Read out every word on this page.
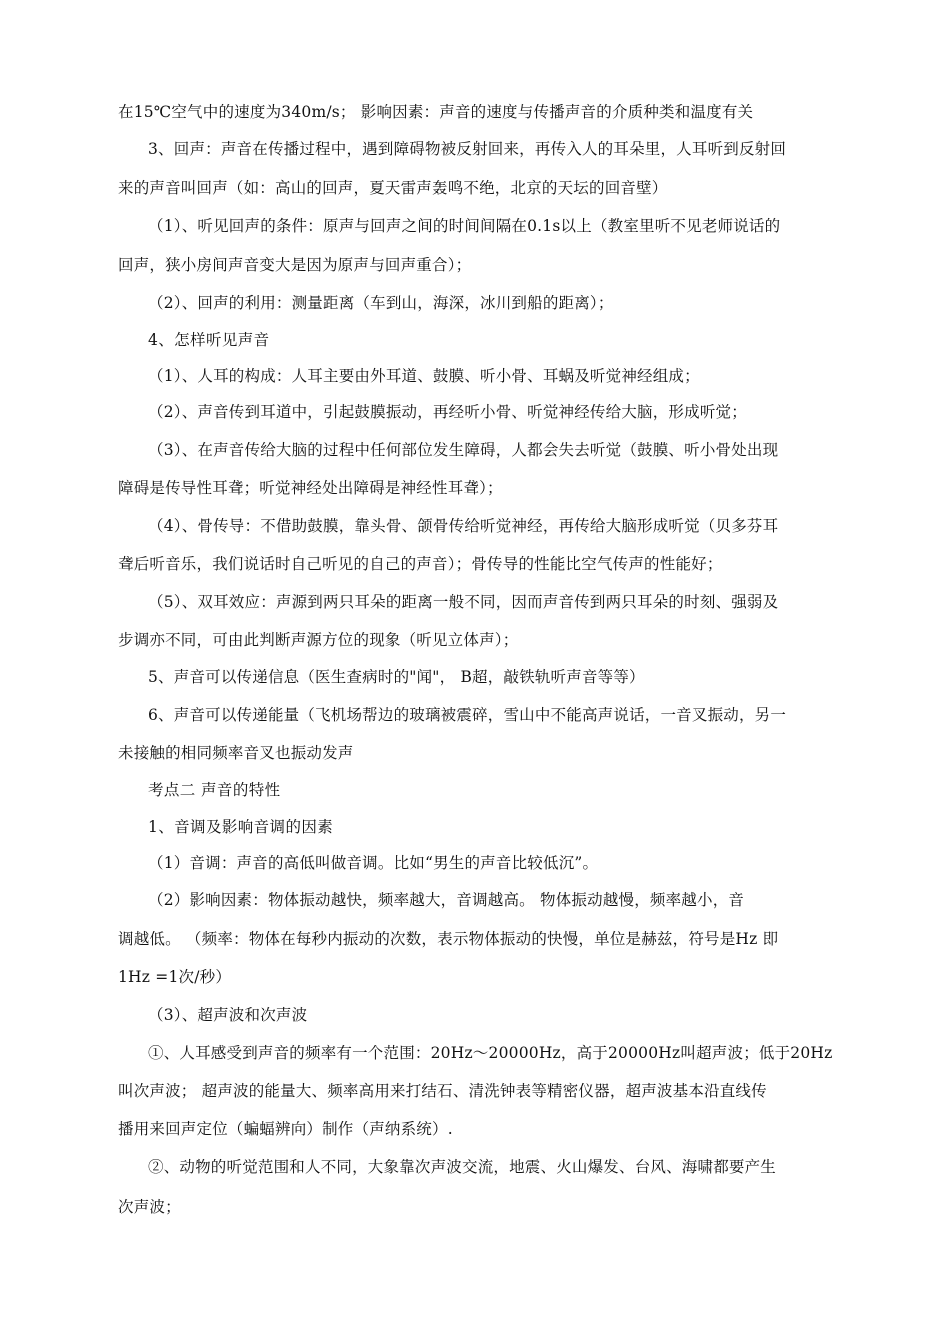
在15℃空气中的速度为340m/s； 影响因素：声音的速度与传播声音的介质种类和温度有关
3、回声：声音在传播过程中，遇到障碍物被反射回来，再传入人的耳朵里，人耳听到反射回
来的声音叫回声（如：高山的回声，夏天雷声轰鸣不绝，北京的天坛的回音壁）
（1）、听见回声的条件：原声与回声之间的时间间隔在0.1s以上（教室里听不见老师说话的
回声，狭小房间声音变大是因为原声与回声重合）；
（2）、回声的利用：测量距离（车到山，海深，冰川到船的距离）；
4、怎样听见声音
（1）、人耳的构成：人耳主要由外耳道、鼓膜、听小骨、耳蜗及听觉神经组成；
（2）、声音传到耳道中，引起鼓膜振动，再经听小骨、听觉神经传给大脑，形成听觉；
（3）、在声音传给大脑的过程中任何部位发生障碍，人都会失去听觉（鼓膜、听小骨处出现
障碍是传导性耳聋；听觉神经处出障碍是神经性耳聋）；
（4）、骨传导：不借助鼓膜，靠头骨、颌骨传给听觉神经，再传给大脑形成听觉（贝多芬耳
聋后听音乐，我们说话时自己听见的自己的声音）；骨传导的性能比空气传声的性能好；
（5）、双耳效应：声源到两只耳朵的距离一般不同，因而声音传到两只耳朵的时刻、强弱及
步调亦不同，可由此判断声源方位的现象（听见立体声）；
5、声音可以传递信息（医生查病时的"闻"， B超，敲铁轨听声音等等）
6、声音可以传递能量（飞机场帮边的玻璃被震碎，雪山中不能高声说话，一音叉振动，另一
未接触的相同频率音叉也振动发声
考点二 声音的特性
1、音调及影响音调的因素
（1）音调：声音的高低叫做音调。比如“男生的声音比较低沉”。
（2）影响因素：物体振动越快，频率越大，音调越高。 物体振动越慢，频率越小，音
调越低。 （频率：物体在每秒内振动的次数，表示物体振动的快慢，单位是赫兹，符号是Hz 即
1Hz =1次/秒）
（3）、超声波和次声波
①、人耳感受到声音的频率有一个范围：20Hz～20000Hz，高于20000Hz叫超声波；低于20Hz
叫次声波； 超声波的能量大、频率高用来打结石、清洗钟表等精密仪器，超声波基本沿直线传
播用来回声定位（蝙蝠辨向）制作（声纳系统）.
②、动物的听觉范围和人不同，大象靠次声波交流，地震、火山爆发、台风、海啸都要产生
次声波；
